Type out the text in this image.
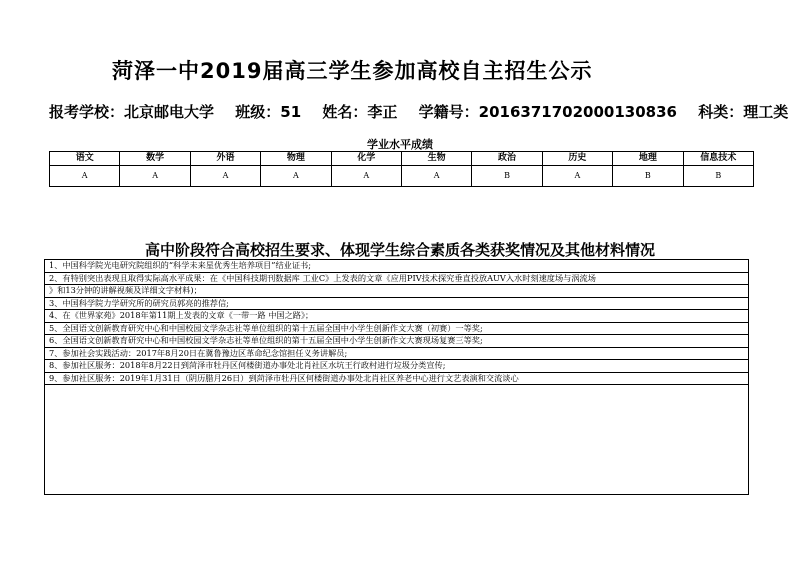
菏泽一中2019届高三学生参加高校自主招生公示
报考学校：北京邮电大学 班级：51 姓名：李正 学籍号：2016371702000130836 科类：理工类
学业水平成绩
语文	数学	外语	物理	化学	生物	政治	历史	地理	信息技术
A	A	A	A	A	A	B	A	B	B
高中阶段符合高校招生要求、体现学生综合素质各类获奖情况及其他材料情况
1、中国科学院光电研究院组织的“科学未来星优秀生培养项目”结业证书;
2、有特别突出表现且取得实际高水平成果：在《中国科技期刊数据库 工业C》上发表的文章《应用PIV技术探究垂直投放AUV入水时刻速度场与涡流场
》和13分钟的讲解视频及详细文字材料)；
3、中国科学院力学研究所的研究员郭亮的推荐信;
4、在《世界家苑》2018年第11期上发表的文章《一带一路 中国之路》；
5、全国语文创新教育研究中心和中国校园文学杂志社等单位组织的第十五届全国中小学生创新作文大赛（初赛）一等奖;
6、全国语文创新教育研究中心和中国校园文学杂志社等单位组织的第十五届全国中小学生创新作文大赛现场复赛三等奖;
7、参加社会实践活动：2017年8月20日在冀鲁豫边区革命纪念馆担任义务讲解员;
8、参加社区服务：2018年8月22日到菏泽市牡丹区何楼街道办事处北肖社区水坑王行政村进行垃圾分类宣传;
9、参加社区服务：2019年1月31日（阴历腊月26日）到菏泽市牡丹区何楼街道办事处北肖社区养老中心进行文艺表演和交流谈心
